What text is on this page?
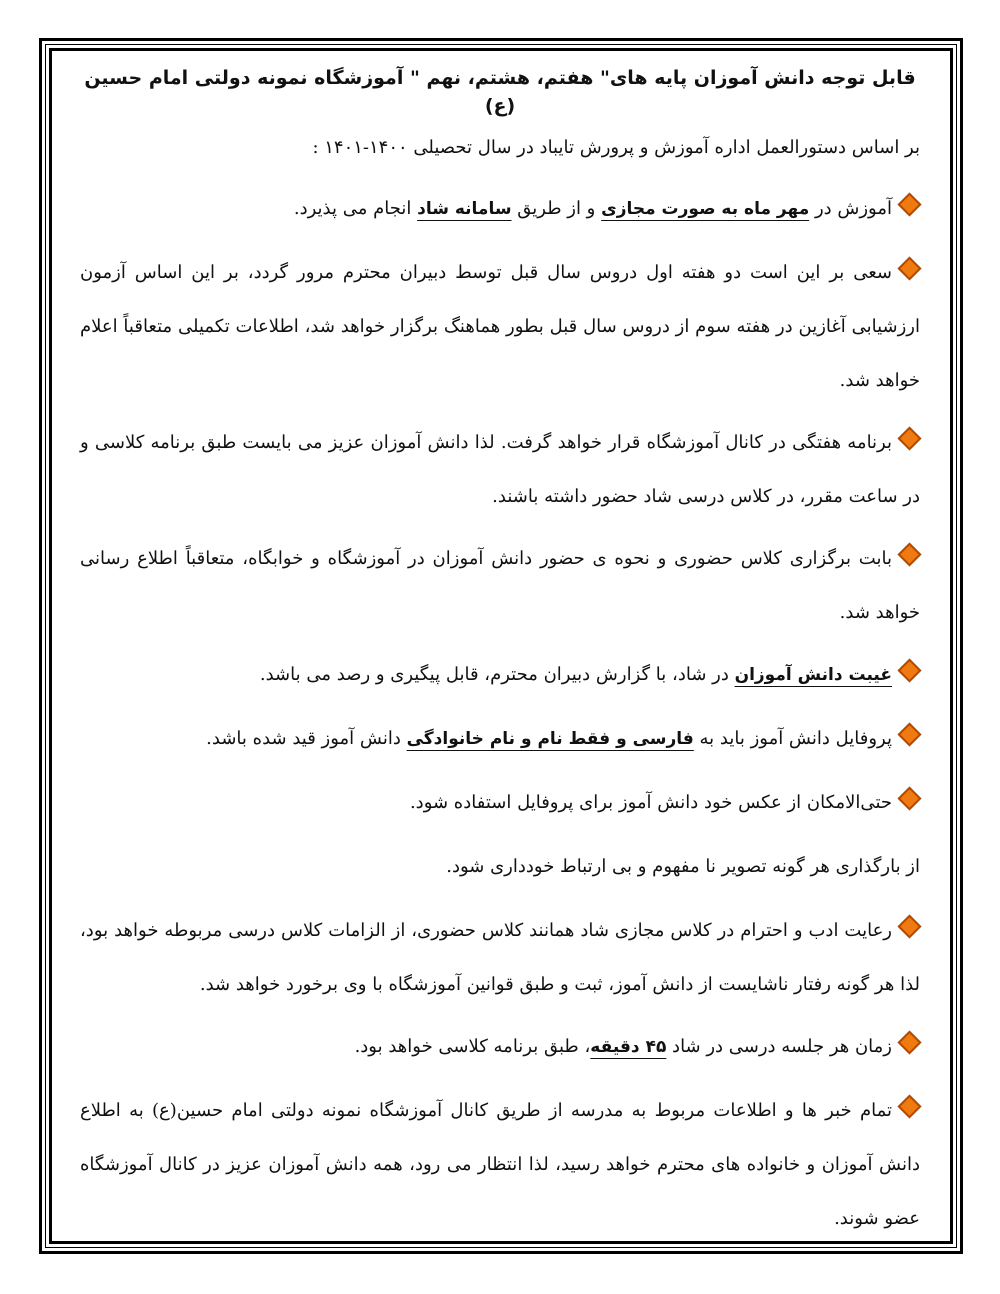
قابل توجه دانش آموزان پایه های" هفتم، هشتم، نهم " آموزشگاه نمونه دولتی امام حسین (ع)
بر اساس دستورالعمل اداره آموزش و پرورش تایباد در سال تحصیلی ۱۴۰۰-۱۴۰۱ :
آموزش در مهر ماه به صورت مجازی و از طریق سامانه شاد انجام می پذیرد.
سعی بر این است دو هفته اول دروس سال قبل توسط دبیران محترم مرور گردد، بر این اساس آزمون ارزشیابی آغازین در هفته سوم از دروس سال قبل بطور هماهنگ برگزار خواهد شد، اطلاعات تکمیلی متعاقباً اعلام خواهد شد.
برنامه هفتگی در کانال آموزشگاه قرار خواهد گرفت. لذا دانش آموزان عزیز می بایست طبق برنامه کلاسی و در ساعت مقرر، در کلاس درسی شاد حضور داشته باشند.
بابت برگزاری کلاس حضوری و نحوه ی حضور دانش آموزان در آموزشگاه و خوابگاه، متعاقباً اطلاع رسانی خواهد شد.
غیبت دانش آموزان در شاد، با گزارش دبیران محترم، قابل پیگیری و رصد می باشد.
پروفایل دانش آموز باید به فارسی و فقط نام و نام خانوادگی دانش آموز قید شده باشد.
حتی‌الامکان از عکس خود دانش آموز برای پروفایل استفاده شود.
از بارگذاری هر گونه تصویر نا مفهوم و بی ارتباط خودداری شود.
رعایت ادب و احترام در کلاس مجازی شاد همانند کلاس حضوری، از الزامات کلاس درسی مربوطه خواهد بود، لذا هر گونه رفتار ناشایست از دانش آموز، ثبت و طبق قوانین آموزشگاه با وی برخورد خواهد شد.
زمان هر جلسه درسی در شاد ۴۵ دقیقه، طبق برنامه کلاسی خواهد بود.
تمام خبر ها و اطلاعات مربوط به مدرسه از طریق کانال آموزشگاه نمونه دولتی امام حسین(ع) به اطلاع دانش آموزان و خانواده های محترم خواهد رسید، لذا انتظار می رود، همه دانش آموزان عزیز در کانال آموزشگاه عضو شوند.
